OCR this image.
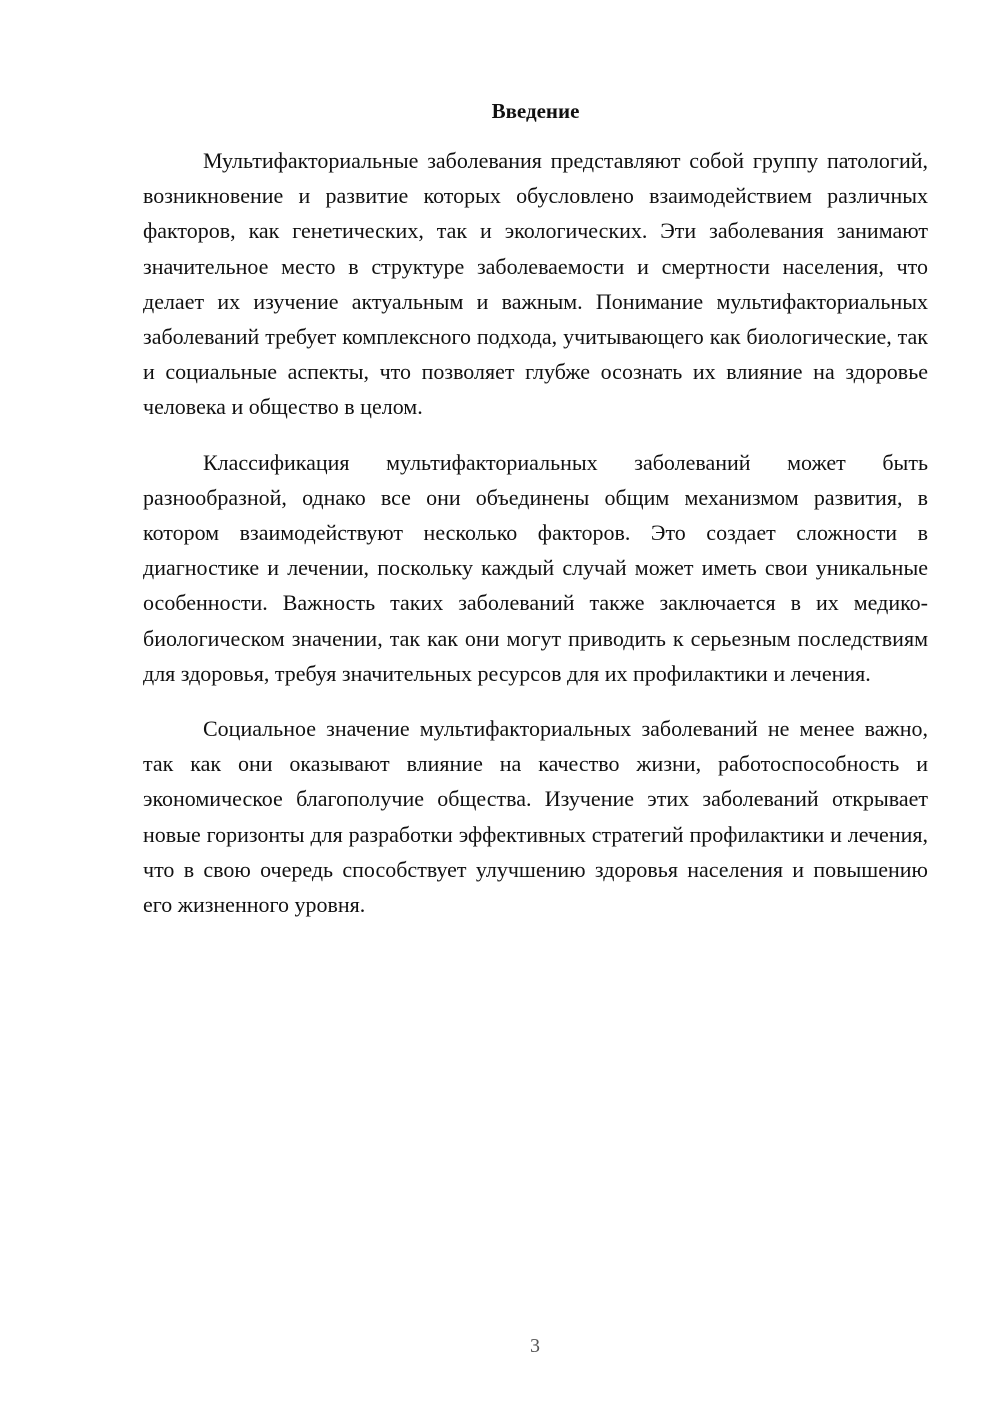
Введение

Мультифакториальные заболевания представляют собой группу патологий, возникновение и развитие которых обусловлено взаимодействием различных факторов, как генетических, так и экологических. Эти заболевания занимают значительное место в структуре заболеваемости и смертности населения, что делает их изучение актуальным и важным. Понимание мультифакториальных заболеваний требует комплексного подхода, учитывающего как биологические, так и социальные аспекты, что позволяет глубже осознать их влияние на здоровье человека и общество в целом.

Классификация мультифакториальных заболеваний может быть разнообразной, однако все они объединены общим механизмом развития, в котором взаимодействуют несколько факторов. Это создает сложности в диагностике и лечении, поскольку каждый случай может иметь свои уникальные особенности. Важность таких заболеваний также заключается в их медико-биологическом значении, так как они могут приводить к серьезным последствиям для здоровья, требуя значительных ресурсов для их профилактики и лечения.

Социальное значение мультифакториальных заболеваний не менее важно, так как они оказывают влияние на качество жизни, работоспособность и экономическое благополучие общества. Изучение этих заболеваний открывает новые горизонты для разработки эффективных стратегий профилактики и лечения, что в свою очередь способствует улучшению здоровья населения и повышению его жизненного уровня.

3
